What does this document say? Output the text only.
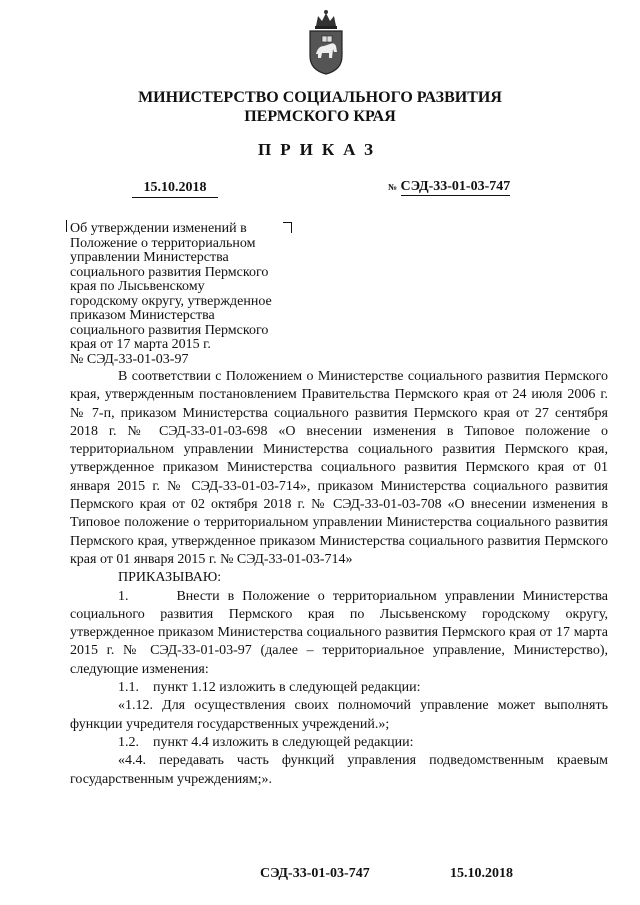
МИНИСТЕРСТВО СОЦИАЛЬНОГО РАЗВИТИЯ
ПЕРМСКОГО КРАЯ
ПРИКАЗ
15.10.2018	№ СЭД-33-01-03-747
Об утверждении изменений в
Положение о территориальном
управлении Министерства
социального развития Пермского
края по Лысьвенскому
городскому округу, утвержденное
приказом Министерства
социального развития Пермского
края от 17 марта 2015 г.
№ СЭД-33-01-03-97

В соответствии с Положением о Министерстве социального развития Пермского края, утвержденным постановлением Правительства Пермского края от 24 июля 2006 г. № 7-п, приказом Министерства социального развития Пермского края от 27 сентября 2018 г. № СЭД-33-01-03-698 «О внесении изменения в Типовое положение о территориальном управлении Министерства социального развития Пермского края, утвержденное приказом Министерства социального развития Пермского края от 01 января 2015 г. № СЭД-33-01-03-714», приказом Министерства социального развития Пермского края от 02 октября 2018 г. № СЭД-33-01-03-708 «О внесении изменения в Типовое положение о территориальном управлении Министерства социального развития Пермского края, утвержденное приказом Министерства социального развития Пермского края от 01 января 2015 г. № СЭД-33-01-03-714»

ПРИКАЗЫВАЮ:

1.      Внести в Положение о территориальном управлении Министерства социального развития Пермского края по Лысьвенскому городскому округу, утвержденное приказом Министерства социального развития Пермского края от 17 марта 2015 г. № СЭД-33-01-03-97 (далее – территориальное управление, Министерство), следующие изменения:

1.1.    пункт 1.12 изложить в следующей редакции:

«1.12. Для осуществления своих полномочий управление может выполнять функции учредителя государственных учреждений.»;

1.2.    пункт 4.4 изложить в следующей редакции:

«4.4. передавать часть функций управления подведомственным краевым государственным учреждениям;».

СЭД-33-01-03-747	15.10.2018
